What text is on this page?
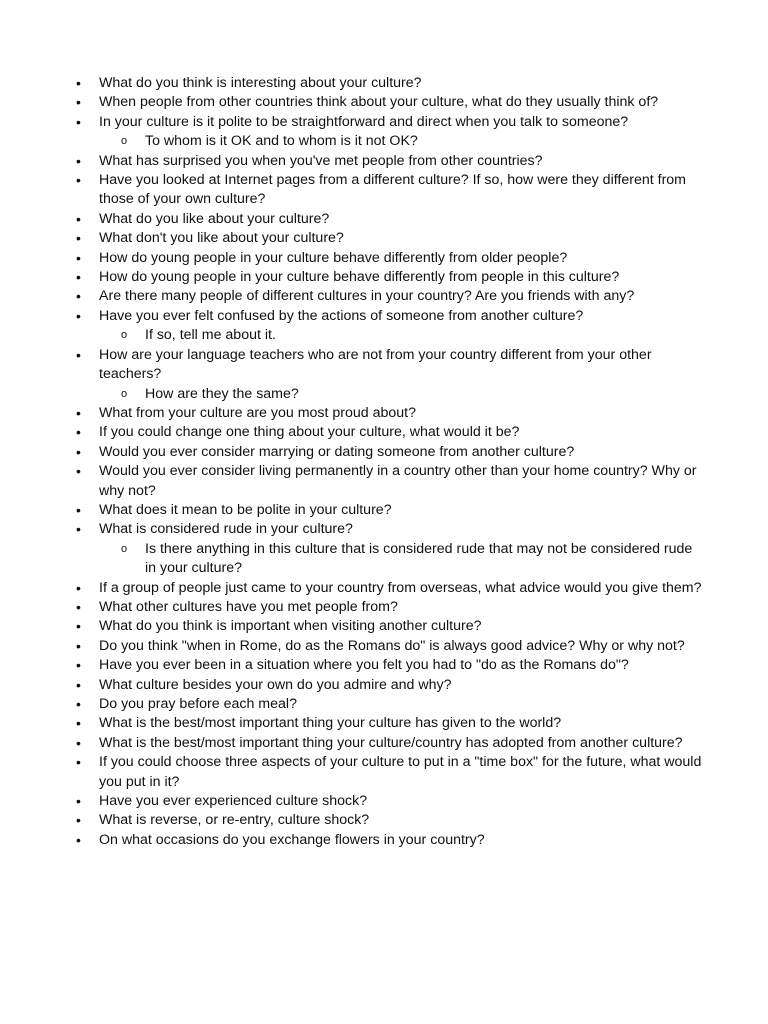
• What do you think is interesting about your culture?
• When people from other countries think about your culture, what do they usually think of?
• In your culture is it polite to be straightforward and direct when you talk to someone?
o To whom is it OK and to whom is it not OK?
• What has surprised you when you've met people from other countries?
• Have you looked at Internet pages from a different culture? If so, how were they different from those of your own culture?
• What do you like about your culture?
• What don't you like about your culture?
• How do young people in your culture behave differently from older people?
• How do young people in your culture behave differently from people in this culture?
• Are there many people of different cultures in your country? Are you friends with any?
• Have you ever felt confused by the actions of someone from another culture?
o If so, tell me about it.
• How are your language teachers who are not from your country different from your other teachers?
o How are they the same?
• What from your culture are you most proud about?
• If you could change one thing about your culture, what would it be?
• Would you ever consider marrying or dating someone from another culture?
• Would you ever consider living permanently in a country other than your home country? Why or why not?
• What does it mean to be polite in your culture?
• What is considered rude in your culture?
o Is there anything in this culture that is considered rude that may not be considered rude in your culture?
• If a group of people just came to your country from overseas, what advice would you give them?
• What other cultures have you met people from?
• What do you think is important when visiting another culture?
• Do you think "when in Rome, do as the Romans do" is always good advice? Why or why not?
• Have you ever been in a situation where you felt you had to "do as the Romans do"?
• What culture besides your own do you admire and why?
• Do you pray before each meal?
• What is the best/most important thing your culture has given to the world?
• What is the best/most important thing your culture/country has adopted from another culture?
• If you could choose three aspects of your culture to put in a "time box" for the future, what would you put in it?
• Have you ever experienced culture shock?
• What is reverse, or re-entry, culture shock?
• On what occasions do you exchange flowers in your country?
